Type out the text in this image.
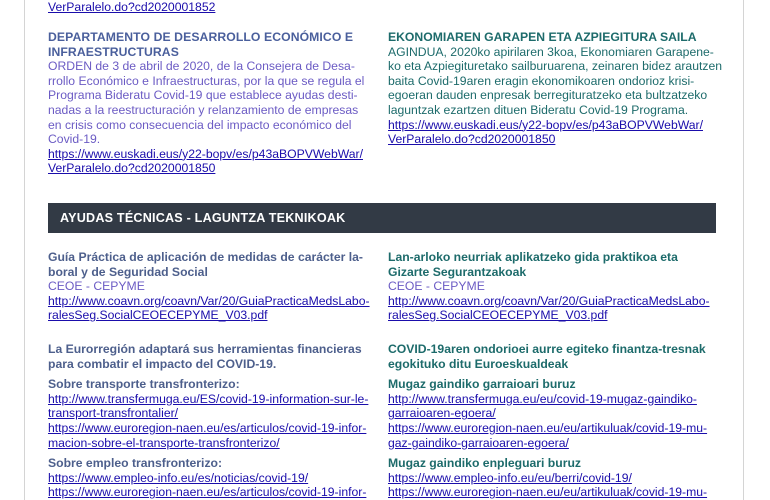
VerParalelo.do?cd2020001852
DEPARTAMENTO DE DESARROLLO ECONÓMICO E
INFRAESTRUCTURAS
ORDEN de 3 de abril de 2020, de la Consejera de Desa-
rrollo Económico e Infraestructuras, por la que se regula el
Programa Bideratu Covid-19 que establece ayudas desti-
nadas a la reestructuración y relanzamiento de empresas
en crisis como consecuencia del impacto económico del
Covid-19.
https://www.euskadi.eus/y22-bopv/es/p43aBOPVWebWar/
VerParalelo.do?cd2020001850
EKONOMIAREN GARAPEN ETA AZPIEGITURA SAILA
AGINDUA, 2020ko apirilaren 3koa, Ekonomiaren Garapene-
ko eta Azpiegituretako sailburuarena, zeinaren bidez arautzen
baita Covid-19aren eragin ekonomikoaren ondorioz krisi-
egoeran dauden enpresak berregituratzeko eta bultzatzeko
laguntzak ezartzen dituen Bideratu Covid-19 Programa.
https://www.euskadi.eus/y22-bopv/es/p43aBOPVWebWar/
VerParalelo.do?cd2020001850
AYUDAS TÉCNICAS - LAGUNTZA TEKNIKOAK
Guía Práctica de aplicación de medidas de carácter la-
boral y de Seguridad Social
CEOE - CEPYME
http://www.coavn.org/coavn/Var/20/GuiaPracticaMedsLabo-
ralesSeg.SocialCEOECEPYME_V03.pdf
Lan-arloko neurriak aplikatzeko gida praktikoa eta
Gizarte Segurantzakoak
CEOE - CEPYME
http://www.coavn.org/coavn/Var/20/GuiaPracticaMedsLabo-
ralesSeg.SocialCEOECEPYME_V03.pdf
La Eurorregión adaptará sus herramientas financieras
para combatir el impacto del COVID-19.
Sobre transporte transfronterizo:
http://www.transfermuga.eu/ES/covid-19-information-sur-le-
transport-transfrontalier/
https://www.euroregion-naen.eu/es/articulos/covid-19-infor-
macion-sobre-el-transporte-transfronterizo/
Sobre empleo transfronterizo:
https://www.empleo-info.eu/es/noticias/covid-19/
https://www.euroregion-naen.eu/es/articulos/covid-19-infor-
COVID-19aren ondorioei aurre egiteko finantza-tresnak
egokituko ditu Euroeskualdeak
Mugaz gaindiko garraioari buruz
http://www.transfermuga.eu/eu/covid-19-mugaz-gaindiko-
garraioaren-egoera/
https://www.euroregion-naen.eu/eu/artikuluak/covid-19-mu-
gaz-gaindiko-garraioaren-egoera/
Mugaz gaindiko enpleguari buruz
https://www.empleo-info.eu/eu/berri/covid-19/
https://www.euroregion-naen.eu/eu/artikuluak/covid-19-mu-
